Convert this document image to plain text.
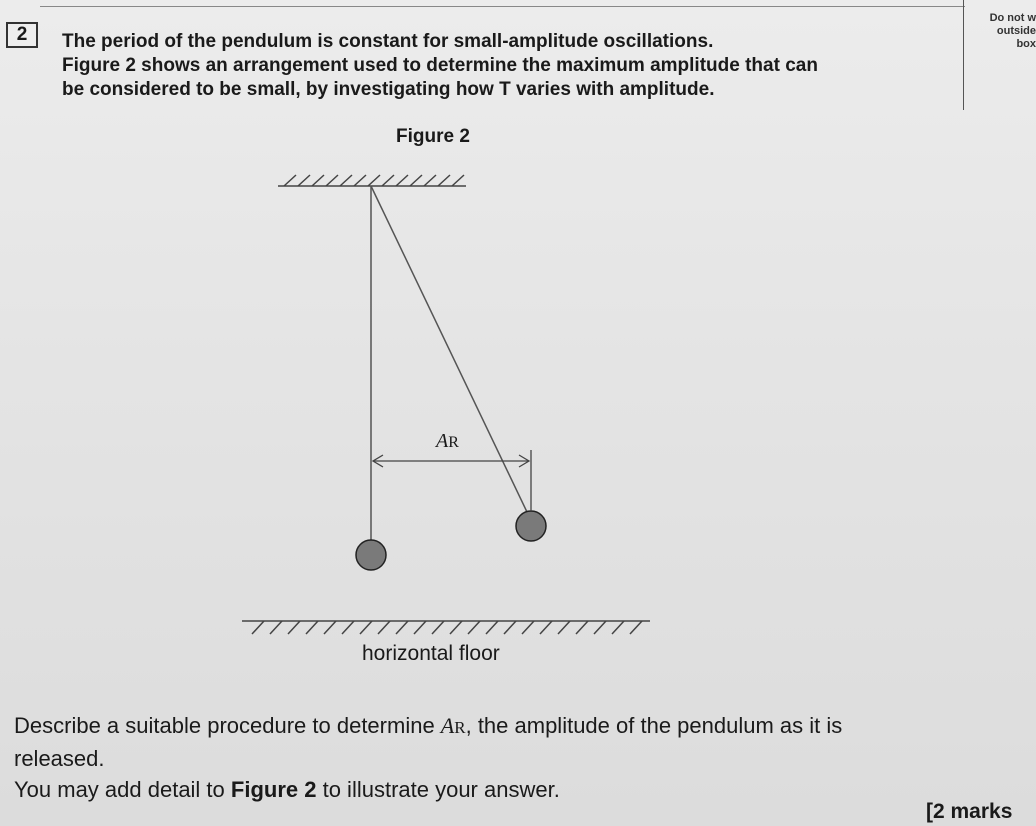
2
Do not w
outside
box
The period of the pendulum is constant for small-amplitude oscillations.
Figure 2 shows an arrangement used to determine the maximum amplitude that can
be considered to be small, by investigating how T varies with amplitude.
Figure 2
AR
horizontal floor
Describe a suitable procedure to determine AR, the amplitude of the pendulum as it is
released.
You may add detail to Figure 2 to illustrate your answer.
[2 marks
